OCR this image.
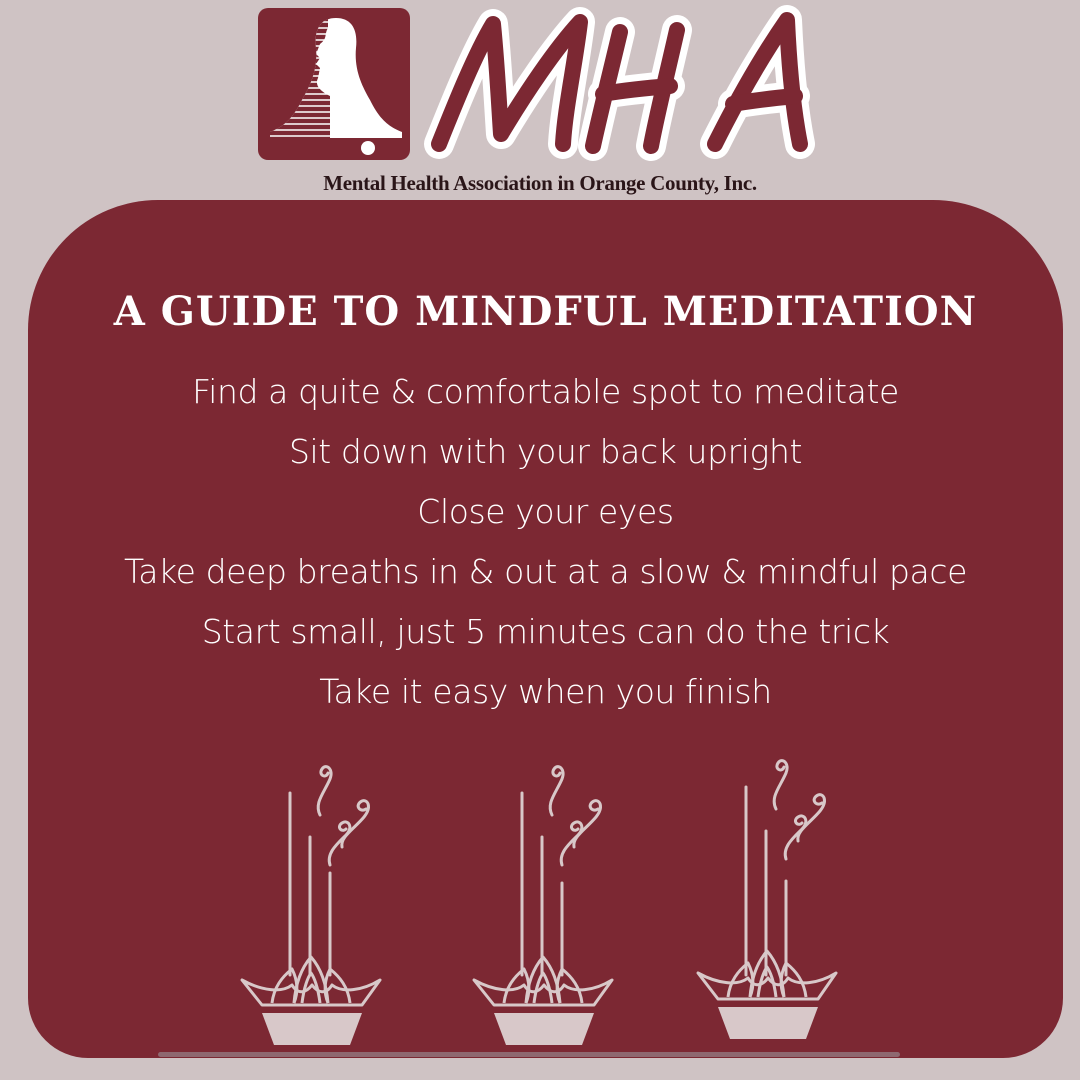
Mental Health Association in Orange County, Inc.
A GUIDE TO MINDFUL MEDITATION
Find a quite & comfortable spot to meditate
Sit down with your back upright
Close your eyes
Take deep breaths in & out at a slow & mindful pace
Start small, just 5 minutes can do the trick
Take it easy when you finish
